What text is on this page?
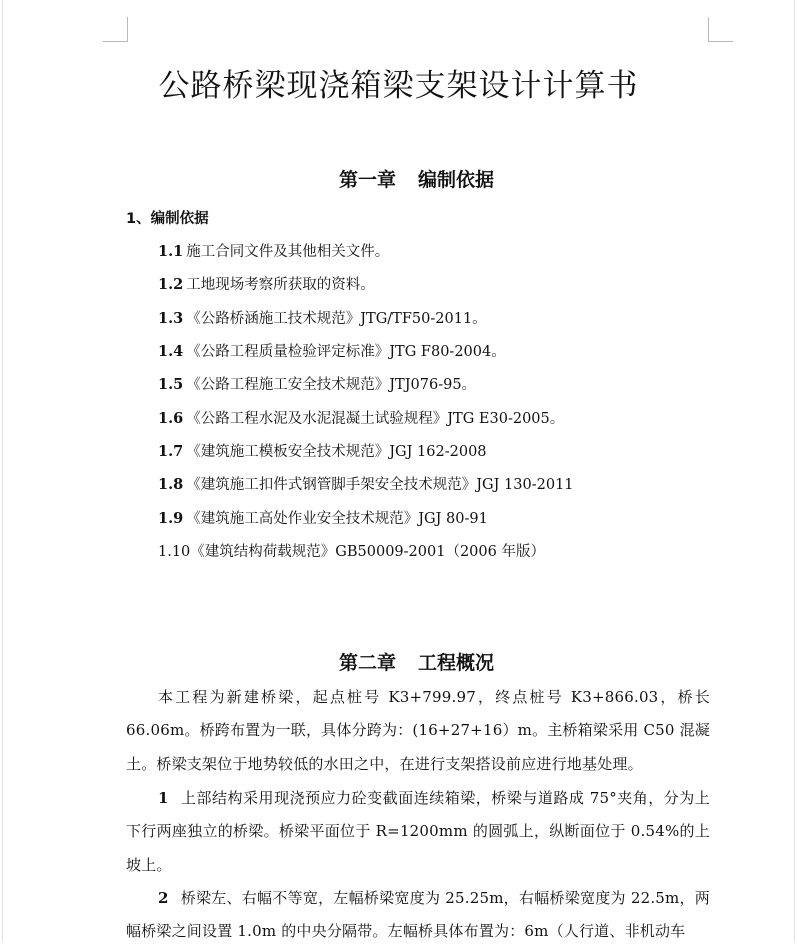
公路桥梁现浇箱梁支架设计计算书
第一章 编制依据
1、编制依据
1.1 施工合同文件及其他相关文件。
1.2 工地现场考察所获取的资料。
1.3 《公路桥涵施工技术规范》JTG/TF50-2011。
1.4 《公路工程质量检验评定标准》JTG F80-2004。
1.5 《公路工程施工安全技术规范》JTJ076-95。
1.6 《公路工程水泥及水泥混凝土试验规程》JTG E30-2005。
1.7 《建筑施工模板安全技术规范》JGJ 162-2008
1.8 《建筑施工扣件式钢管脚手架安全技术规范》JGJ 130-2011
1.9 《建筑施工高处作业安全技术规范》JGJ 80-91
1.10《建筑结构荷载规范》GB50009-2001（2006 年版）
第二章 工程概况
本工程为新建桥梁，起点桩号 K3+799.97，终点桩号 K3+866.03，桥长 66.06m。桥跨布置为一联，具体分跨为：(16+27+16）m。主桥箱梁采用 C50 混凝土。桥梁支架位于地势较低的水田之中，在进行支架搭设前应进行地基处理。
1 上部结构采用现浇预应力砼变截面连续箱梁，桥梁与道路成 75°夹角，分为上下行两座独立的桥梁。桥梁平面位于 R=1200mm 的圆弧上，纵断面位于 0.54%的上坡上。
2 桥梁左、右幅不等宽，左幅桥梁宽度为 25.25m，右幅桥梁宽度为 22.5m，两幅桥梁之间设置 1.0m 的中央分隔带。左幅桥具体布置为：6m（人行道、非机动车
